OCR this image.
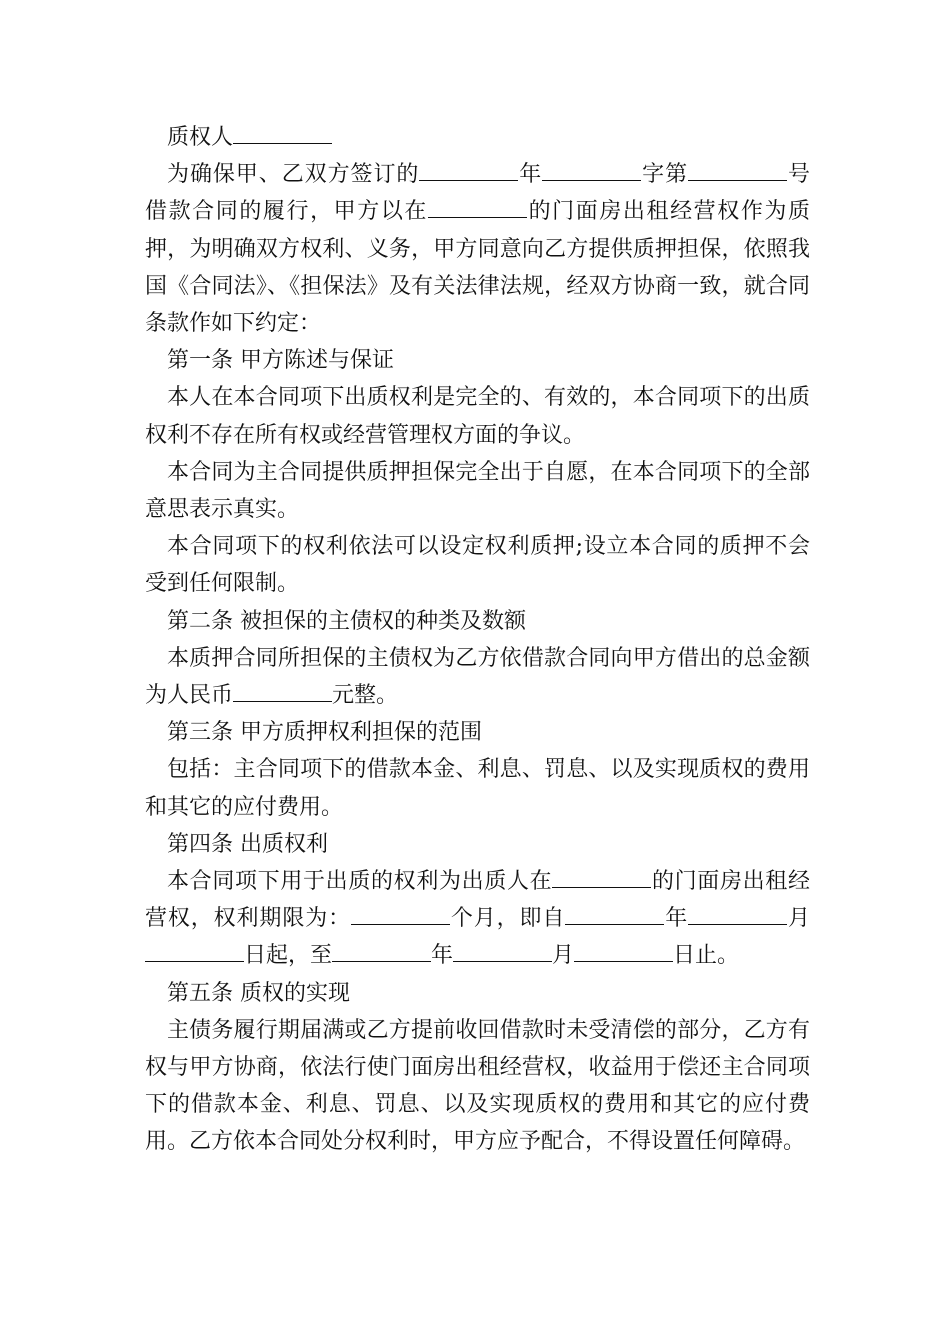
质权人

为确保甲、乙双方签订的	年	字第	号借款合同的履行，甲方以在	的门面房出租经营权作为质押，为明确双方权利、义务，甲方同意向乙方提供质押担保，依照我国《合同法》、《担保法》及有关法律法规，经双方协商一致，就合同条款作如下约定：

第一条 甲方陈述与保证

本人在本合同项下出质权利是完全的、有效的，本合同项下的出质权利不存在所有权或经营管理权方面的争议。

本合同为主合同提供质押担保完全出于自愿，在本合同项下的全部意思表示真实。

本合同项下的权利依法可以设定权利质押;设立本合同的质押不会受到任何限制。

第二条 被担保的主债权的种类及数额

本质押合同所担保的主债权为乙方依借款合同向甲方借出的总金额为人民币	元整。

第三条 甲方质押权利担保的范围

包括：主合同项下的借款本金、利息、罚息、以及实现质权的费用和其它的应付费用。

第四条 出质权利

本合同项下用于出质的权利为出质人在	的门面房出租经营权，权利期限为：	个月，即自	年	月日起，至	年	月	日止。

第五条 质权的实现

主债务履行期届满或乙方提前收回借款时未受清偿的部分，乙方有权与甲方协商，依法行使门面房出租经营权，收益用于偿还主合同项下的借款本金、利息、罚息、以及实现质权的费用和其它的应付费用。乙方依本合同处分权利时，甲方应予配合，不得设置任何障碍。
